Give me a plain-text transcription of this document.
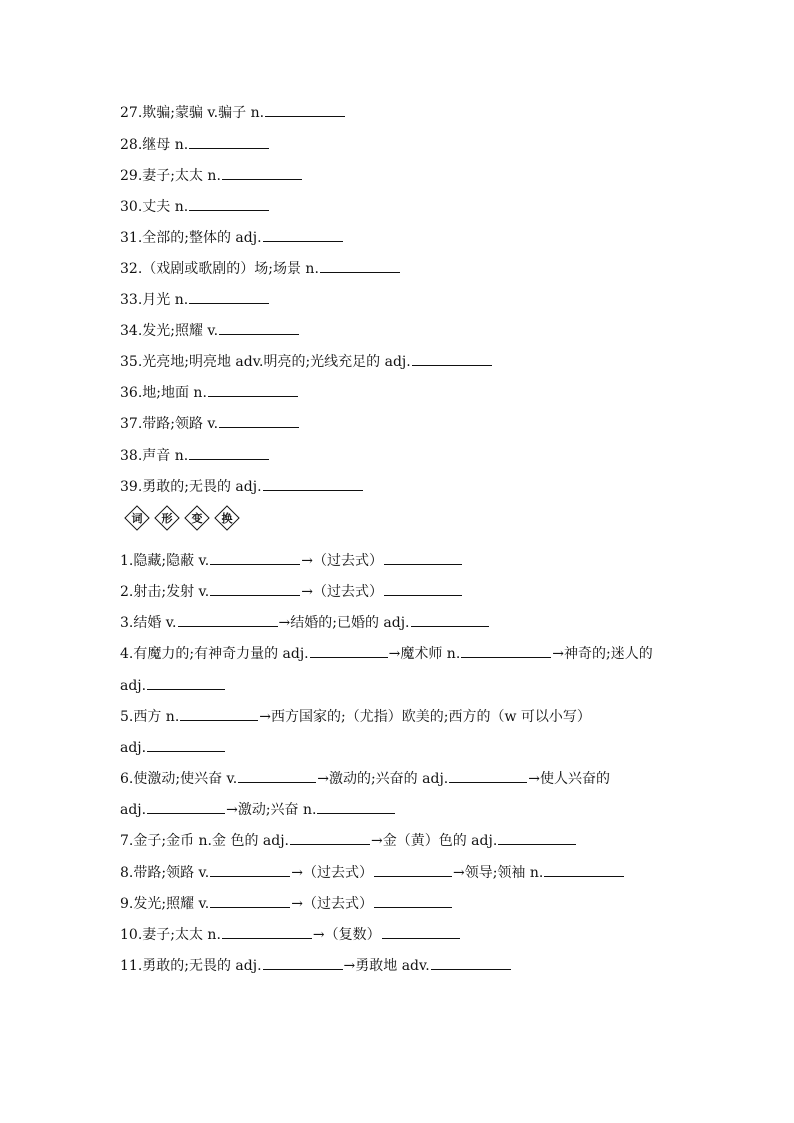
27.欺骗;蒙骗 v.骗子 n.
28.继母 n.
29.妻子;太太 n.
30.丈夫 n.
31.全部的;整体的 adj.
32.（戏剧或歌剧的）场;场景 n.
33.月光 n.
34.发光;照耀 v.
35.光亮地;明亮地 adv.明亮的;光线充足的 adj.
36.地;地面 n.
37.带路;领路 v.
38.声音 n.
39.勇敢的;无畏的 adj.
词	形	变	换
1.隐藏;隐蔽 v.	→（过去式）
2.射击;发射 v.	→（过去式）
3.结婚 v.	→结婚的;已婚的 adj.
4.有魔力的;有神奇力量的 adj.	→魔术师 n.	→神奇的;迷人的
adj.
5.西方 n.	→西方国家的;（尤指）欧美的;西方的（w 可以小写）
adj.
6.使激动;使兴奋 v.	→激动的;兴奋的 adj.	→使人兴奋的
adj.	→激动;兴奋 n.
7.金子;金币 n.金 色的 adj.	→金（黄）色的 adj.
8.带路;领路 v.	→（过去式）	→领导;领袖 n.
9.发光;照耀 v.	→（过去式）
10.妻子;太太 n.	→（复数）
11.勇敢的;无畏的 adj.	→勇敢地 adv.
